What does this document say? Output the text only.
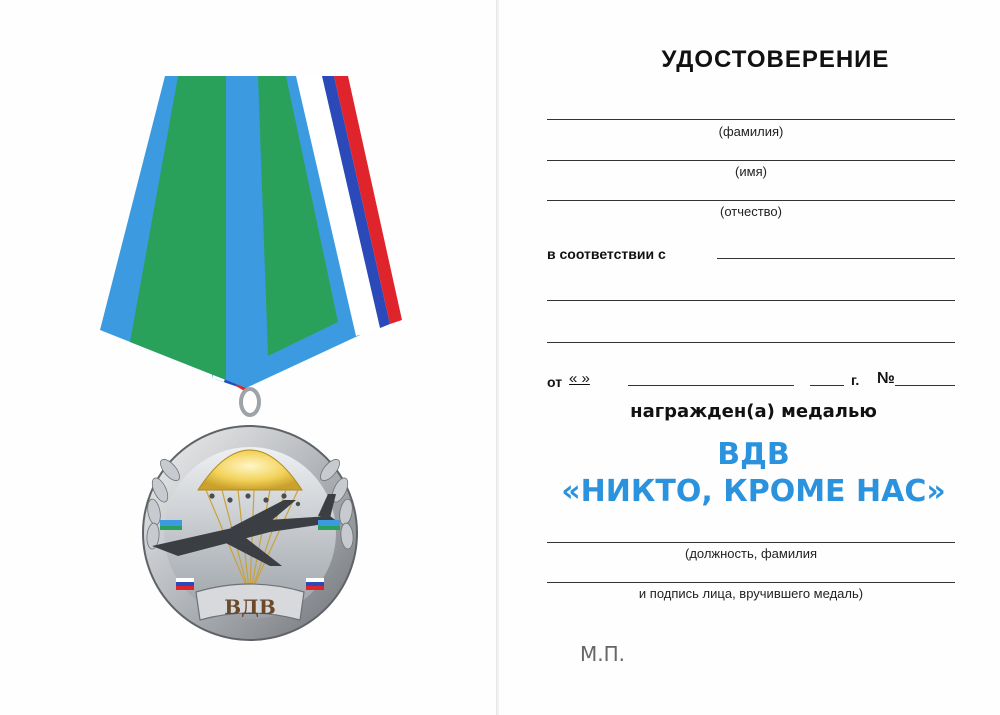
ВДВ
УДОСТОВЕРЕНИЕ
(фамилия)
(имя)
(отчество)
в соответствии с
от « »	г. №
награжден(а) медалью
ВДВ
«НИКТО, КРОМЕ НАС»
(должность, фамилия
и подпись лица, вручившего медаль)
М.П.
